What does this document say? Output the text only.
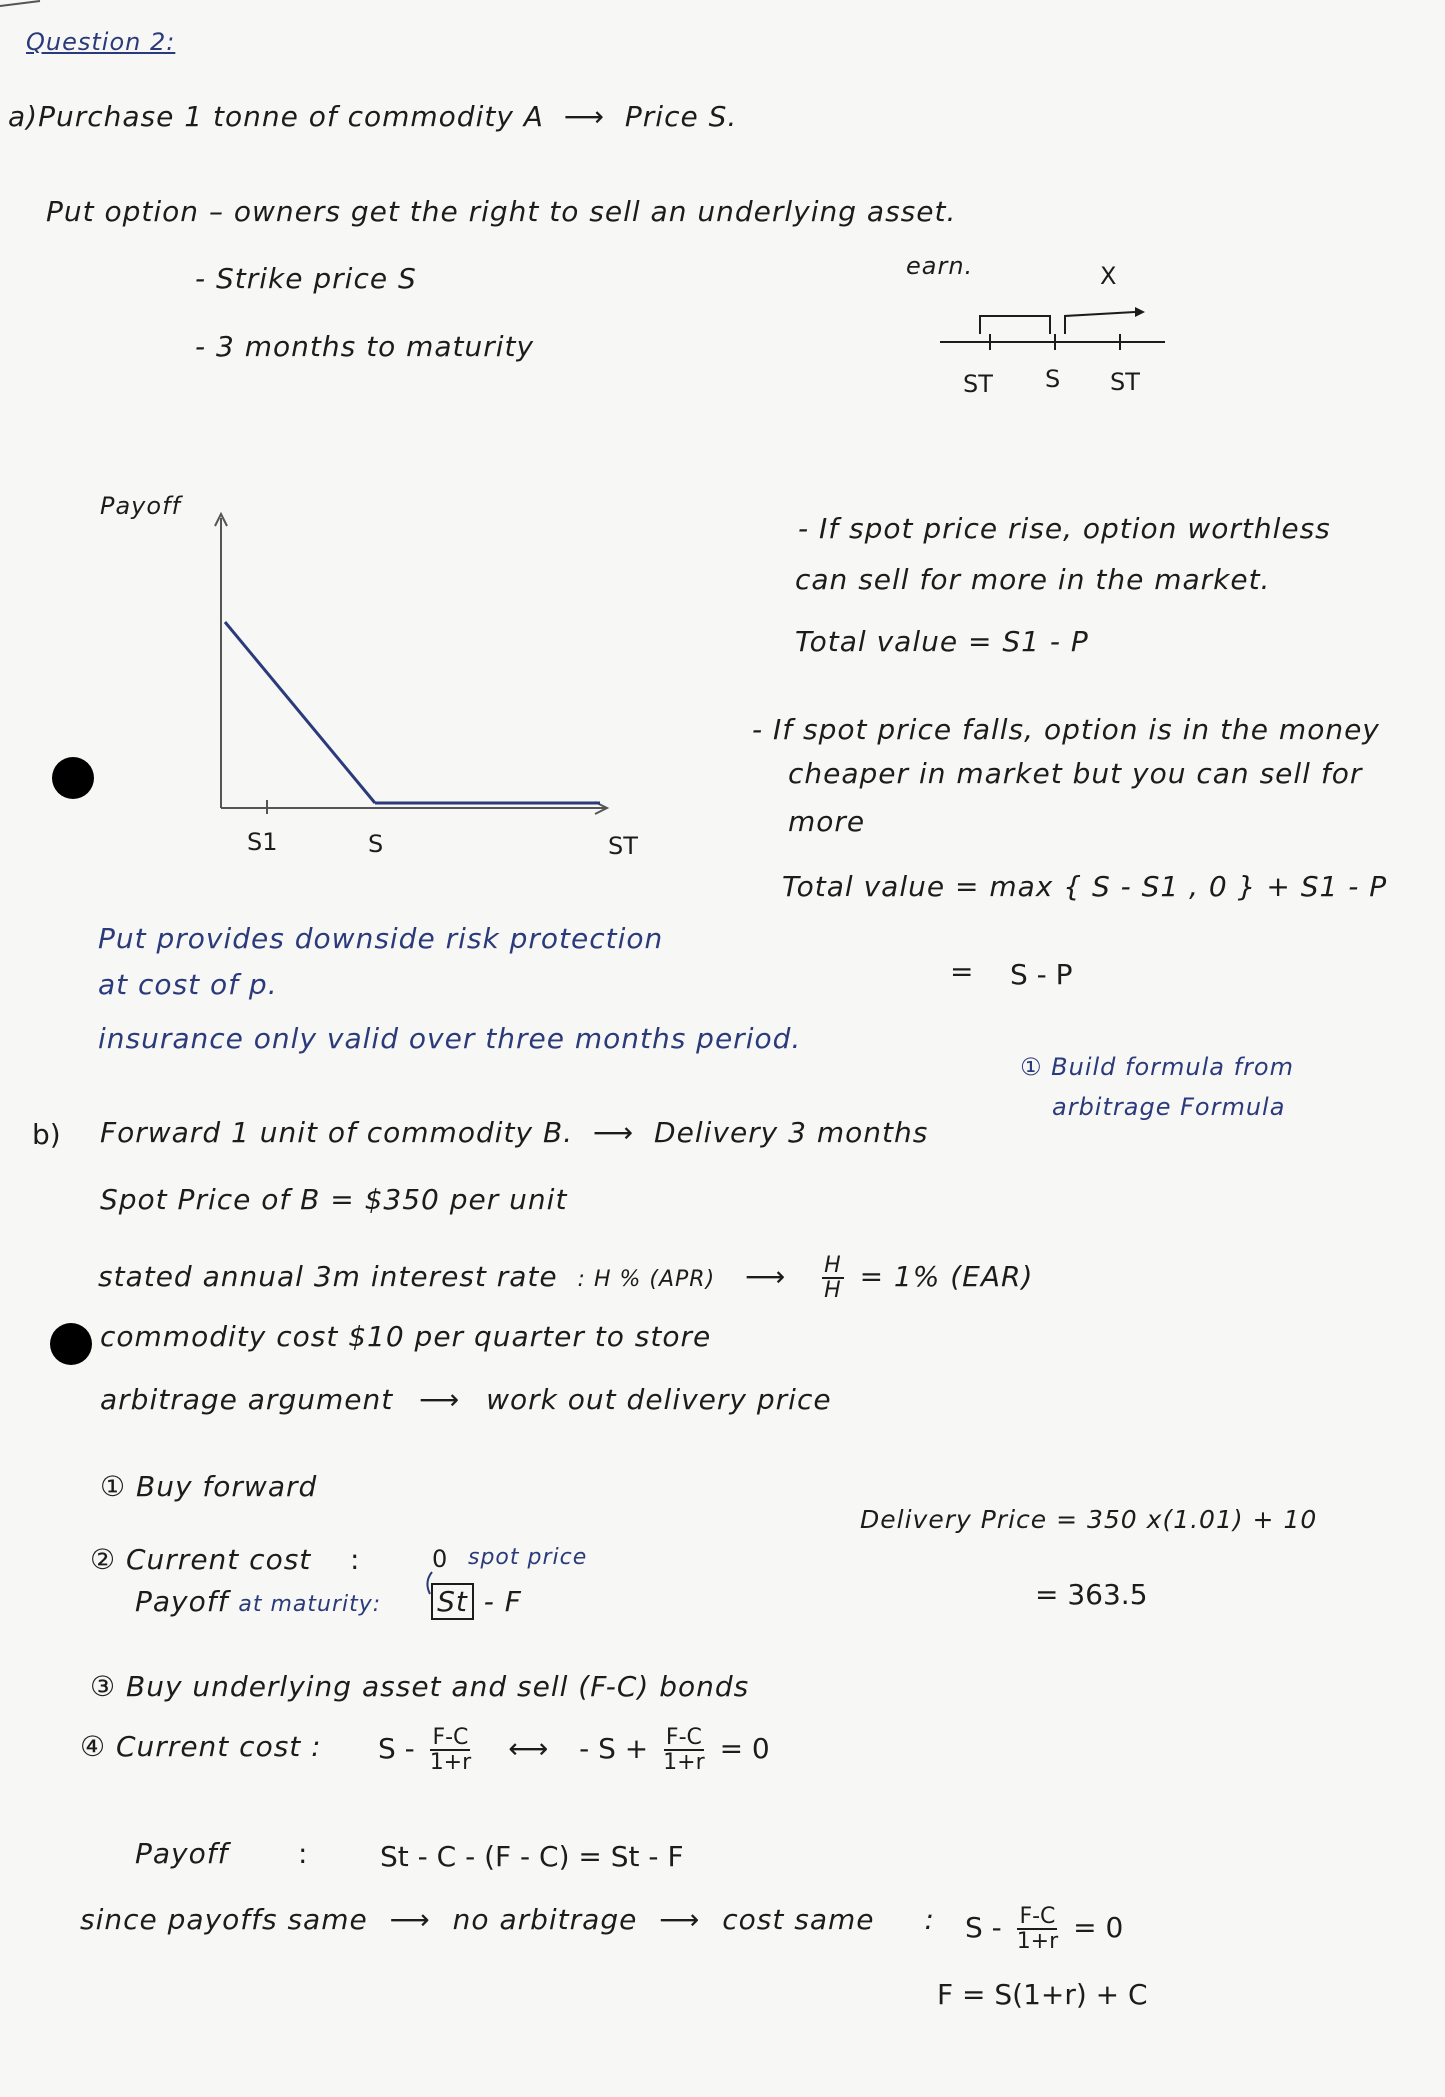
Question 2:
a)Purchase 1 tonne of commodity A ⟶ Price S.
Put option – owners get the right to sell an underlying asset.
- Strike price S
- 3 months to maturity
earn.	X
ST S ST
Payoff
S1	S	ST
- If spot price rise, option worthless
can sell for more in the market.
Total value = S1 - P
- If spot price falls, option is in the money
cheaper in market but you can sell for
more
Total value = max { S - S1 , 0 } + S1 - P
= S - P
Put provides downside risk protection
at cost of p.
insurance only valid over three months period.
① Build formula from
arbitrage Formula
b) Forward 1 unit of commodity B. ⟶ Delivery 3 months
Spot Price of B = $350 per unit
stated annual 3m interest rate : H % (APR) ⟶ $\frac{H}{H} = 1\%$ (EAR)
commodity cost $10 per quarter to store
arbitrage argument ⟶ work out delivery price
① Buy forward
Delivery Price = 350 x(1.01) + 10
= 363.5
② Current cost :	0 spot price
Payoff at maturity: St - F
③ Buy underlying asset and sell (F-C) bonds
④ Current cost : S - $\frac{F-C}{1+r}$ ⟷ - $S + \frac{F-C}{1+r} = 0$
Payoff :	St - C - (F - C) = St - F
since payoffs same ⟶ no arbitrage ⟶ cost same : $S - \frac{F-C}{1+r} = 0$
F = S(1+r) + C
